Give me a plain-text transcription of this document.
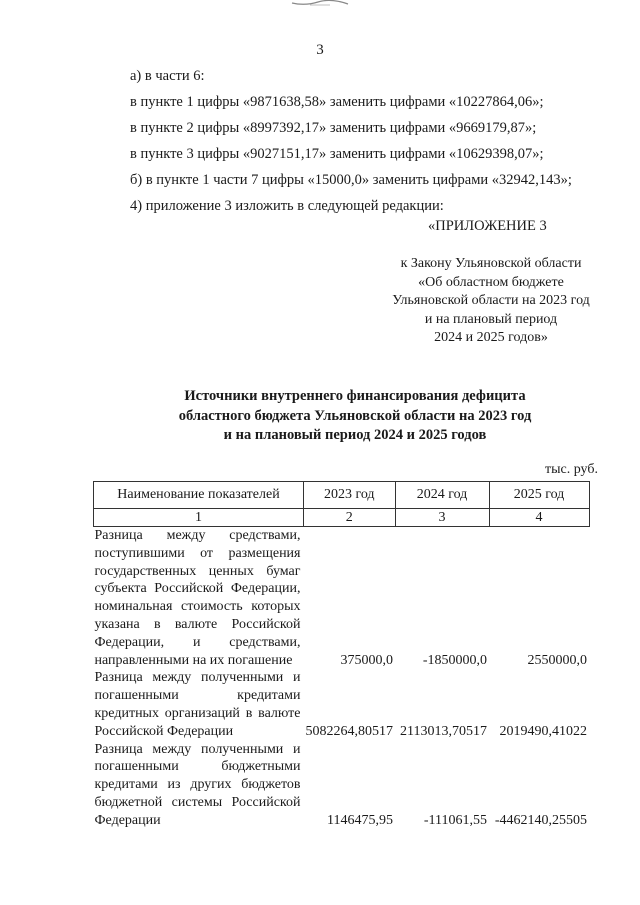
3
а) в части 6:
в пункте 1 цифры «9871638,58» заменить цифрами «10227864,06»;
в пункте 2 цифры «8997392,17» заменить цифрами «9669179,87»;
в пункте 3 цифры «9027151,17» заменить цифрами «10629398,07»;
б) в пункте 1 части 7 цифры «15000,0» заменить цифрами «32942,143»;
4) приложение 3 изложить в следующей редакции:
«ПРИЛОЖЕНИЕ 3
к Закону Ульяновской области
«Об областном бюджете
Ульяновской области на 2023 год
и на плановый период
2024 и 2025 годов»
Источники внутреннего финансирования дефицита
областного бюджета Ульяновской области на 2023 год
и на плановый период 2024 и 2025 годов
тыс. руб.
Наименование показателей	2023 год	2024 год	2025 год
1	2	3	4
Разница между средствами, поступившими от размещения государственных ценных бумаг субъекта Российской Федерации, номинальная стоимость которых указана в валюте Российской Федерации, и средствами, направленными на их погашение	375000,0	-1850000,0	2550000,0
Разница между полученными и погашенными кредитами кредитных организаций в валюте Российской Федерации	5082264,80517	2113013,70517	2019490,41022
Разница между полученными и погашенными бюджетными кредитами из других бюджетов бюджетной системы Российской Федерации	1146475,95	-111061,55	-4462140,25505
